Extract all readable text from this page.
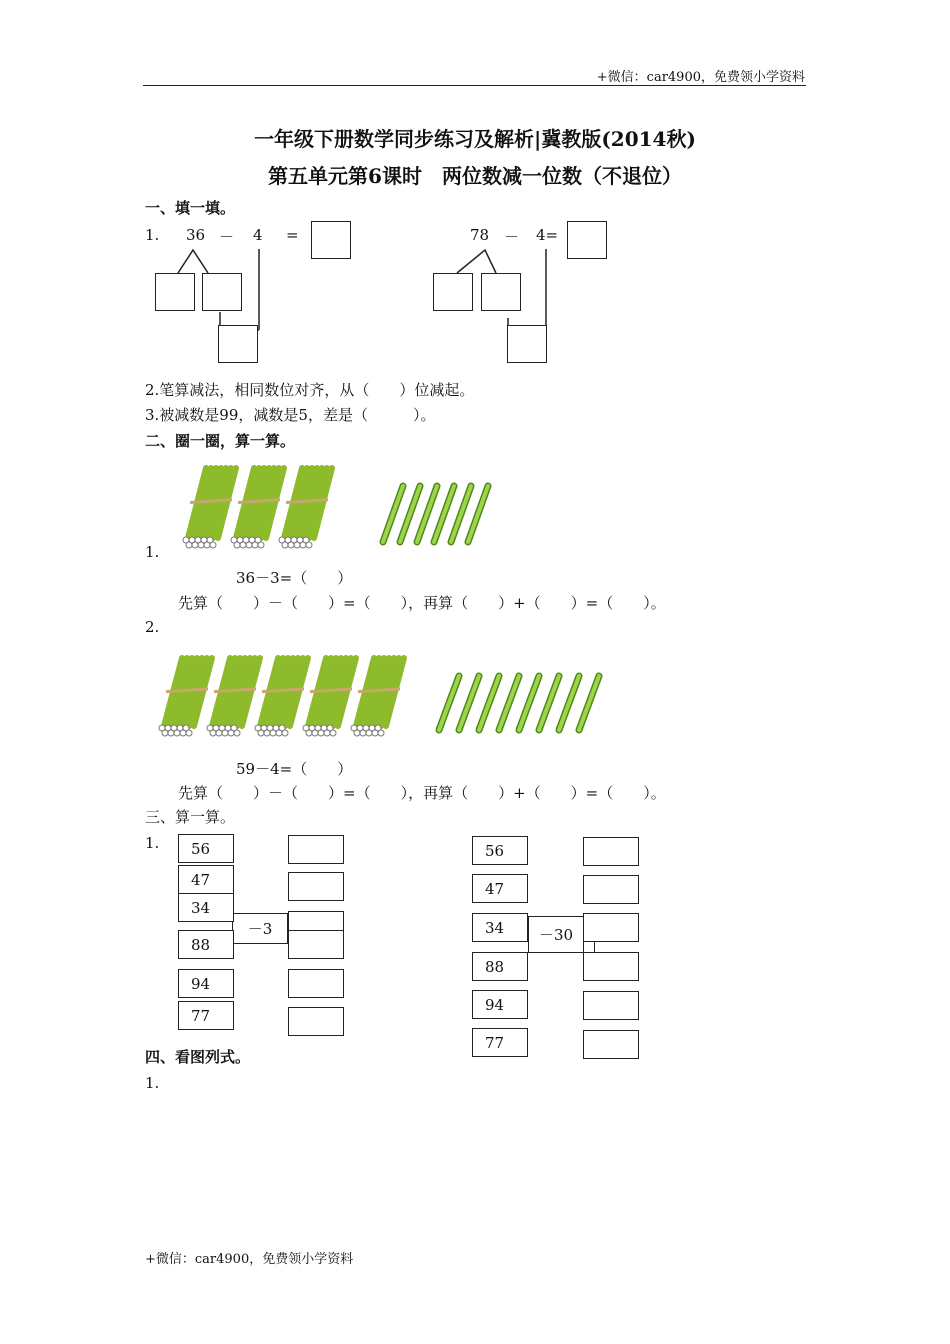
+微信：car4900，免费领小学资料
一年级下册数学同步练习及解析|冀教版(2014秋)
第五单元第6课时　两位数减一位数（不退位）
一、填一填。
1. 36 － 4 =	78 － 4=
2.笔算减法，相同数位对齐，从（　　）位减起。
3.被减数是99，减数是5，差是（　　　）。
二、圈一圈，算一算。
1.
36－3=（　　）
先算（　　）－（　　）=（　　），再算（　　）+（　　）=（　　）。
2.
59－4=（　　）
先算（　　）－（　　）=（　　），再算（　　）+（　　）=（　　）。
三、算一算。
1.
－3
56
47
34
88
94
77
－30
56
47
34
88
94
77
四、看图列式。
1.
+微信：car4900，免费领小学资料
